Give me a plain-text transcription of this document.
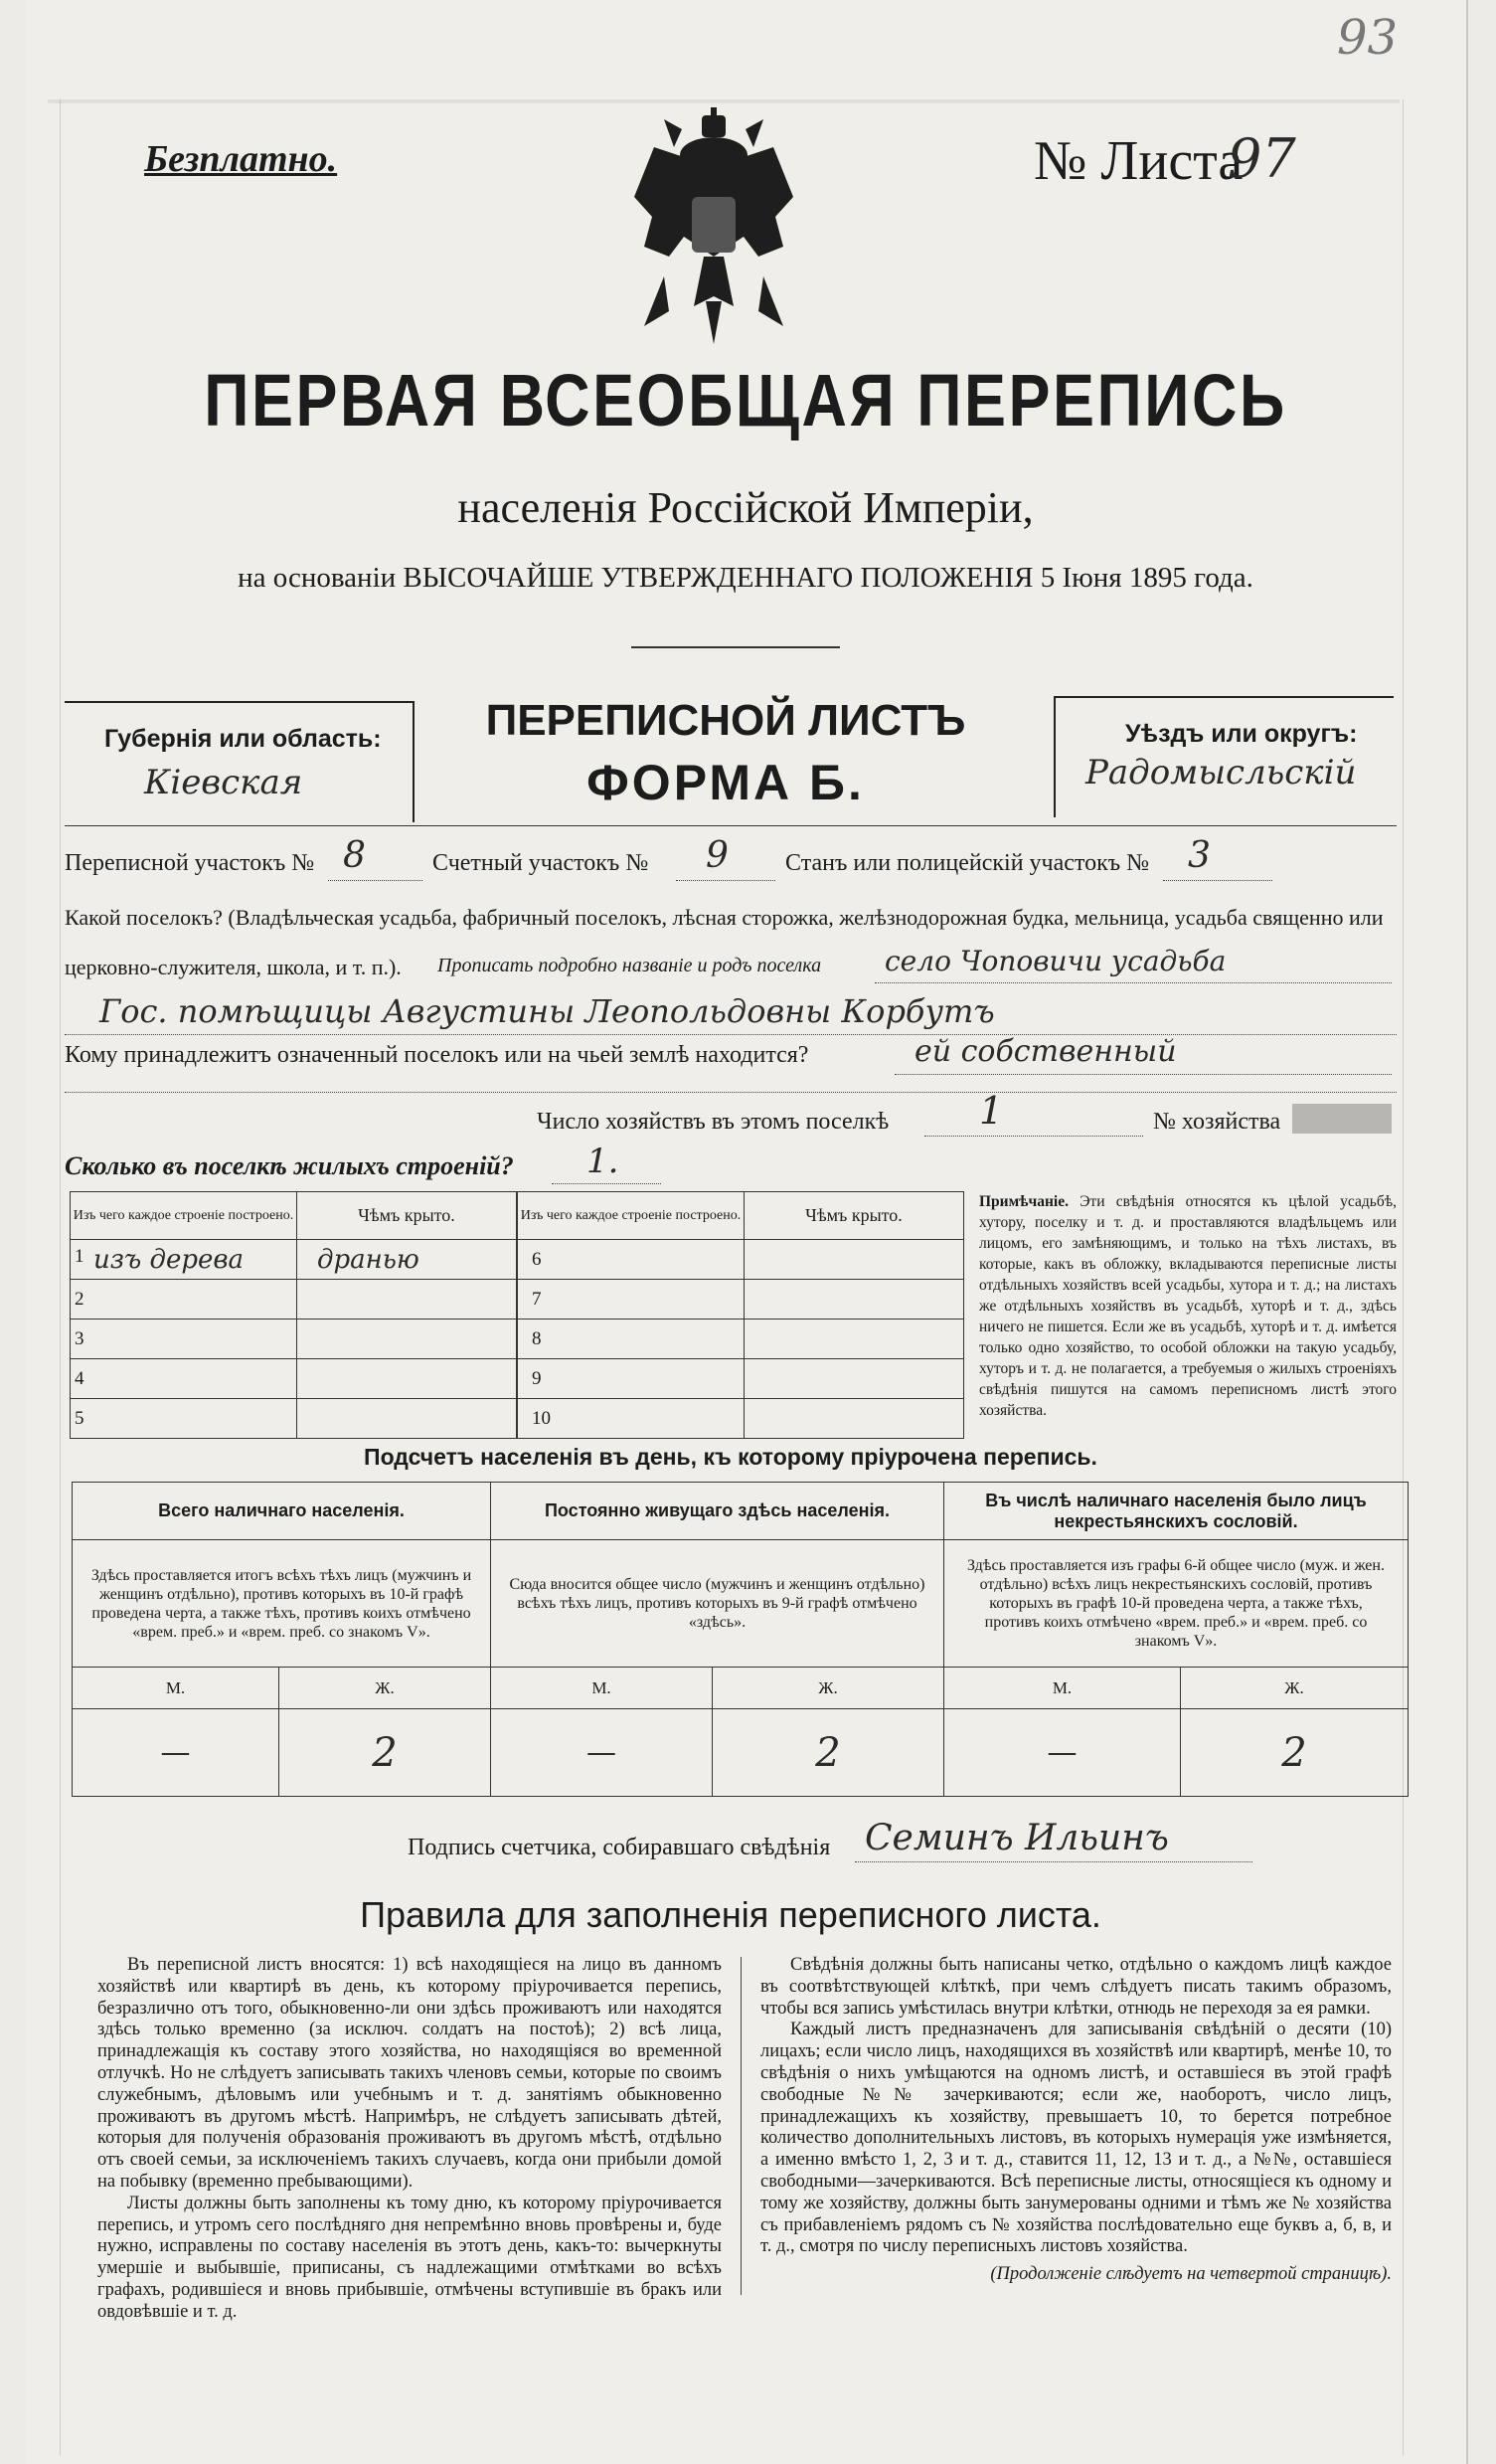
93
Безплатно.	№ Листа
97
ПЕРВАЯ ВСЕОБЩАЯ ПЕРЕПИСЬ
населенія Россійской Имперіи,
на основаніи ВЫСОЧАЙШЕ УТВЕРЖДЕННАГО ПОЛОЖЕНІЯ 5 Іюня 1895 года.
Губернія или область:
Кіевская
ПЕРЕПИСНОЙ ЛИСТЪ
ФОРМА Б.
Уѣздъ или округъ:
Радомысльскій
Переписной участокъ № 8	Счетный участокъ № 9 Станъ или полицейскій участокъ № 3
Какой поселокъ? (Владѣльческая усадьба, фабричный поселокъ, лѣсная сторожка, желѣзнодорожная будка, мельница, усадьба священно или
церковно-служителя, школа, и т. п.). Прописать подробно названіе и родъ поселка село Чоповичи усадьба
Гос. помѣщицы Августины Леопольдовны Корбутъ
Кому принадлежитъ означенный поселокъ или на чьей землѣ находится?	ей собственный
Число хозяйствъ въ этомъ поселкѣ 1	№ хозяйства
Сколько въ поселкѣ жилыхъ строеній? 1.
Изъ чего каждое строеніе построено.	Чѣмъ крыто.

1 изъ дерева	дранью
2	
3	
4	
5	
Изъ чего каждое строеніе построено.	Чѣмъ крыто.
6	
7	
8	
9	
10	
Примѣчаніе. Эти свѣдѣнія относятся къ цѣлой усадьбѣ, хутору, поселку и т. д. и проставляются владѣльцемъ или лицомъ, его замѣняющимъ, и только на тѣхъ листахъ, въ которые, какъ въ обложку, вкладываются переписные листы отдѣльныхъ хозяйствъ всей усадьбы, хутора и т. д.; на листахъ же отдѣльныхъ хозяйствъ въ усадьбѣ, хуторѣ и т. д., здѣсь ничего не пишется. Если же въ усадьбѣ, хуторѣ и т. д. имѣется только одно хозяйство, то особой обложки на такую усадьбу, хуторъ и т. д. не полагается, а требуемыя о жилыхъ строеніяхъ свѣдѣнія пишутся на самомъ переписномъ листѣ этого хозяйства.
Подсчетъ населенія въ день, къ которому пріурочена перепись.
Всего наличнаго населенія.		Постоянно живущаго здѣсь населенія.		Въ числѣ наличнаго населенія было лицъ некрестьянскихъ сословій.	
Здѣсь проставляется итогъ всѣхъ тѣхъ лицъ (мужчинъ и женщинъ отдѣльно), противъ которыхъ въ 10-й графѣ проведена черта, а также тѣхъ, противъ коихъ отмѣчено «врем. преб.» и «врем. преб. со знакомъ V».		Сюда вносится общее число (мужчинъ и женщинъ отдѣльно) всѣхъ тѣхъ лицъ, противъ которыхъ въ 9-й графѣ отмѣчено «здѣсь».		Здѣсь проставляется изъ графы 6-й общее число (муж. и жен. отдѣльно) всѣхъ лицъ некрестьянскихъ сословій, противъ которыхъ въ графѣ 10-й проведена черта, а также тѣхъ, противъ коихъ отмѣчено «врем. преб.» и «врем. преб. со знакомъ V».	
М.	Ж.	М.	Ж.	М.	Ж.
—	2	—	2	—	2
Подпись счетчика, собиравшаго свѣдѣнія Семинъ Ильинъ
Правила для заполненія переписного листа.
Въ переписной листъ вносятся: 1) всѣ находящіеся на лицо въ данномъ хозяйствѣ или квартирѣ въ день, къ которому пріурочивается перепись, безразлично отъ того, обыкновенно-ли они здѣсь проживаютъ или находятся здѣсь только временно (за исключ. солдатъ на постоѣ); 2) всѣ лица, принадлежащія къ составу этого хозяйства, но находящіяся во временной отлучкѣ. Но не слѣдуетъ записывать такихъ членовъ семьи, которые по своимъ служебнымъ, дѣловымъ или учебнымъ и т. д. занятіямъ обыкновенно проживаютъ въ другомъ мѣстѣ. Напримѣръ, не слѣдуетъ записывать дѣтей, которыя для полученія образованія проживаютъ въ другомъ мѣстѣ, отдѣльно отъ своей семьи, за исключеніемъ такихъ случаевъ, когда они прибыли домой на побывку (временно пребывающими).
Листы должны быть заполнены къ тому дню, къ которому пріурочивается перепись, и утромъ сего послѣдняго дня непремѣнно вновь провѣрены и, буде нужно, исправлены по составу населенія въ этотъ день, какъ-то: вычеркнуты умершіе и выбывшіе, приписаны, съ надлежащими отмѣтками во всѣхъ графахъ, родившіеся и вновь прибывшіе, отмѣчены вступившіе въ бракъ или овдовѣвшіе и т. д.
Свѣдѣнія должны быть написаны четко, отдѣльно о каждомъ лицѣ каждое въ соотвѣтствующей клѣткѣ, при чемъ слѣдуетъ писать такимъ образомъ, чтобы вся запись умѣстилась внутри клѣтки, отнюдь не переходя за ея рамки.
Каждый листъ предназначенъ для записыванія свѣдѣній о десяти (10) лицахъ; если число лицъ, находящихся въ хозяйствѣ или квартирѣ, менѣе 10, то свѣдѣнія о нихъ умѣщаются на одномъ листѣ, и оставшіеся въ этой графѣ свободные №№ зачеркиваются; если же, наоборотъ, число лицъ, принадлежащихъ къ хозяйству, превышаетъ 10, то берется потребное количество дополнительныхъ листовъ, въ которыхъ нумерація уже измѣняется, а именно вмѣсто 1, 2, 3 и т. д., ставится 11, 12, 13 и т. д., а №№, оставшіеся свободными—зачеркиваются. Всѣ переписные листы, относящіеся къ одному и тому же хозяйству, должны быть занумерованы одними и тѣмъ же № хозяйства съ прибавленіемъ рядомъ съ № хозяйства послѣдовательно еще буквъ а, б, в, и т. д., смотря по числу переписныхъ листовъ хозяйства.
(Продолженіе слѣдуетъ на четвертой страницѣ).
